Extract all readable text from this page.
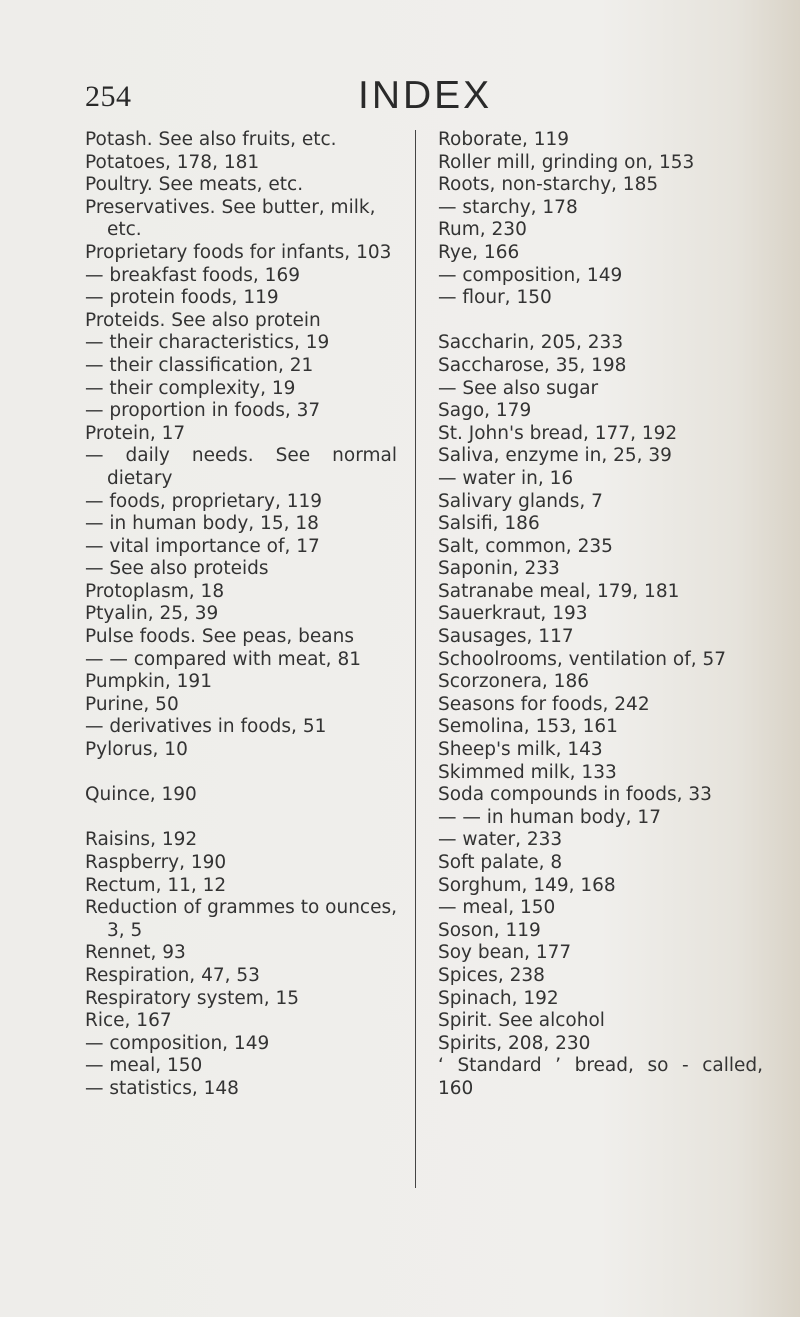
254	INDEX
Potash. See also fruits, etc.
Potatoes, 178, 181
Poultry. See meats, etc.
Preservatives. See butter, milk,
etc.
Proprietary foods for infants, 103
— breakfast foods, 169
— protein foods, 119
Proteids. See also protein
— their characteristics, 19
— their classification, 21
— their complexity, 19
— proportion in foods, 37
Protein, 17
— daily needs. See normal
dietary
— foods, proprietary, 119
— in human body, 15, 18
— vital importance of, 17
— See also proteids
Protoplasm, 18
Ptyalin, 25, 39
Pulse foods. See peas, beans
— — compared with meat, 81
Pumpkin, 191
Purine, 50
— derivatives in foods, 51
Pylorus, 10
Quince, 190
Raisins, 192
Raspberry, 190
Rectum, 11, 12
Reduction of grammes to ounces,
3, 5
Rennet, 93
Respiration, 47, 53
Respiratory system, 15
Rice, 167
— composition, 149
— meal, 150
— statistics, 148
Roborate, 119
Roller mill, grinding on, 153
Roots, non-starchy, 185
— starchy, 178
Rum, 230
Rye, 166
— composition, 149
— flour, 150
Saccharin, 205, 233
Saccharose, 35, 198
— See also sugar
Sago, 179
St. John's bread, 177, 192
Saliva, enzyme in, 25, 39
— water in, 16
Salivary glands, 7
Salsifi, 186
Salt, common, 235
Saponin, 233
Satranabe meal, 179, 181
Sauerkraut, 193
Sausages, 117
Schoolrooms, ventilation of, 57
Scorzonera, 186
Seasons for foods, 242
Semolina, 153, 161
Sheep's milk, 143
Skimmed milk, 133
Soda compounds in foods, 33
— — in human body, 17
— water, 233
Soft palate, 8
Sorghum, 149, 168
— meal, 150
Soson, 119
Soy bean, 177
Spices, 238
Spinach, 192
Spirit. See alcohol
Spirits, 208, 230
‘ Standard ’ bread, so - called,
160
